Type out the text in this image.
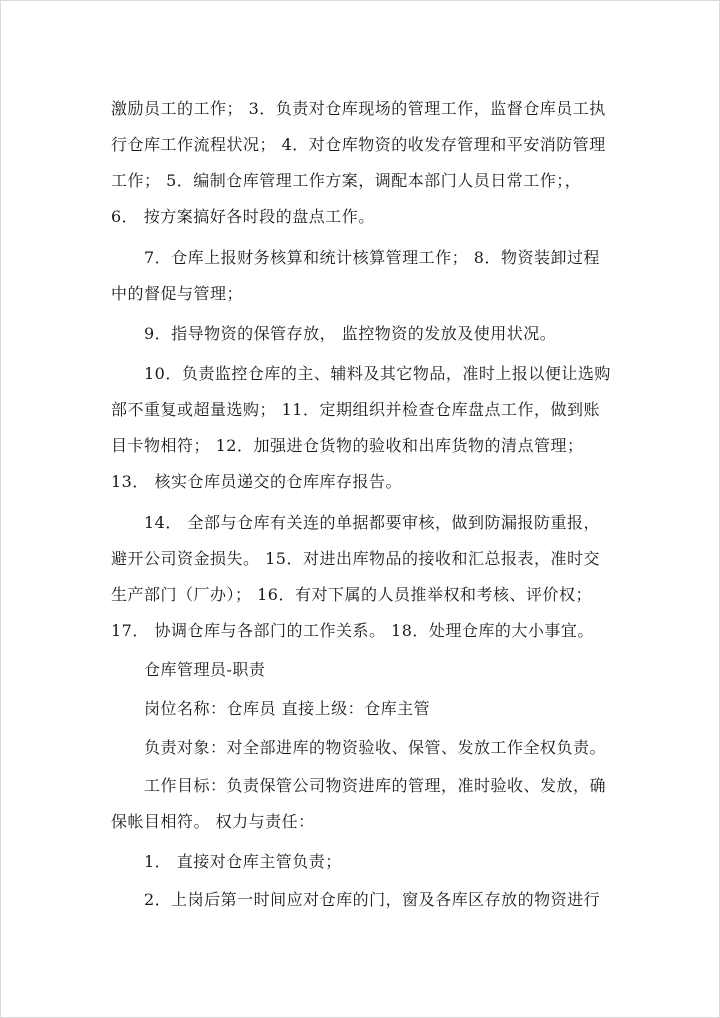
激励员工的工作； 3．负责对仓库现场的管理工作，监督仓库员工执
行仓库工作流程状况； 4．对仓库物资的收发存管理和平安消防管理
工作； 5．编制仓库管理工作方案，调配本部门人员日常工作；，
6． 按方案搞好各时段的盘点工作。
7．仓库上报财务核算和统计核算管理工作； 8．物资装卸过程
中的督促与管理；
9．指导物资的保管存放， 监控物资的发放及使用状况。
10．负责监控仓库的主、辅料及其它物品，准时上报以便让选购
部不重复或超量选购； 11．定期组织并检查仓库盘点工作，做到账
目卡物相符； 12．加强进仓货物的验收和出库货物的清点管理；
13． 核实仓库员递交的仓库库存报告。
14． 全部与仓库有关连的单据都要审核，做到防漏报防重报，
避开公司资金损失。 15．对进出库物品的接收和汇总报表，准时交
生产部门（厂办）； 16．有对下属的人员推举权和考核、评价权；
17． 协调仓库与各部门的工作关系。 18．处理仓库的大小事宜。
仓库管理员-职责
岗位名称：仓库员 直接上级：仓库主管
负责对象：对全部进库的物资验收、保管、发放工作全权负责。
工作目标：负责保管公司物资进库的管理，准时验收、发放，确
保帐目相符。 权力与责任：
1． 直接对仓库主管负责；
2．上岗后第一时间应对仓库的门，窗及各库区存放的物资进行
